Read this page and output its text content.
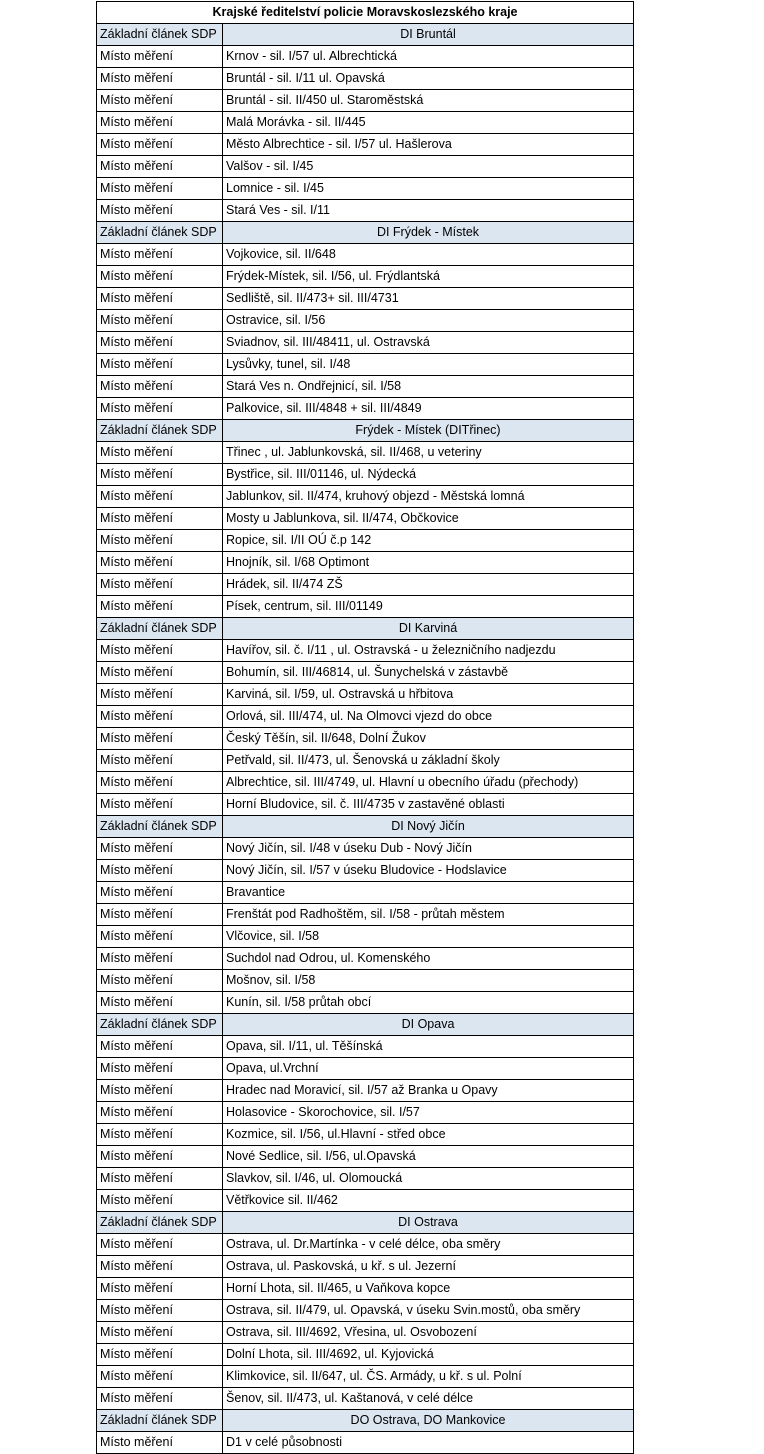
Krajské ředitelství policie Moravskoslezského kraje	
Základní článek SDP	DI Bruntál
Místo měření	Krnov - sil. I/57 ul. Albrechtická
Místo měření	Bruntál - sil. I/11 ul. Opavská
Místo měření	Bruntál - sil. II/450 ul. Staroměstská
Místo měření	Malá Morávka - sil. II/445
Místo měření	Město Albrechtice - sil. I/57 ul. Hašlerova
Místo měření	Valšov - sil. I/45
Místo měření	Lomnice - sil. I/45
Místo měření	Stará Ves - sil. I/11
Základní článek SDP	DI Frýdek - Místek
Místo měření	Vojkovice, sil. II/648
Místo měření	Frýdek-Místek, sil. I/56, ul. Frýdlantská
Místo měření	Sedliště, sil. II/473+ sil. III/4731
Místo měření	Ostravice, sil. I/56
Místo měření	Sviadnov, sil. III/48411, ul. Ostravská
Místo měření	Lysůvky, tunel, sil. I/48
Místo měření	Stará Ves n. Ondřejnicí, sil. I/58
Místo měření	Palkovice, sil. III/4848 + sil. III/4849
Základní článek SDP	Frýdek - Místek (DITřinec)
Místo měření	Třinec , ul. Jablunkovská, sil. II/468, u veteriny
Místo měření	Bystřice, sil. III/01146, ul. Nýdecká
Místo měření	Jablunkov, sil. II/474, kruhový objezd - Městská lomná
Místo měření	Mosty u Jablunkova, sil. II/474, Občkovice
Místo měření	Ropice, sil. I/II OÚ č.p 142
Místo měření	Hnojník, sil. I/68 Optimont
Místo měření	Hrádek, sil. II/474 ZŠ
Místo měření	Písek, centrum, sil. III/01149
Základní článek SDP	DI Karviná
Místo měření	Havířov, sil. č. I/11 , ul. Ostravská - u železničního nadjezdu
Místo měření	Bohumín, sil. III/46814, ul. Šunychelská v zástavbě
Místo měření	Karviná, sil. I/59, ul. Ostravská u hřbitova
Místo měření	Orlová, sil. III/474, ul. Na Olmovci vjezd do obce
Místo měření	Český Těšín, sil. II/648, Dolní Žukov
Místo měření	Petřvald, sil. II/473, ul. Šenovská u základní školy
Místo měření	Albrechtice, sil. III/4749, ul. Hlavní u obecního úřadu (přechody)
Místo měření	Horní Bludovice, sil. č. III/4735 v zastavěné oblasti
Základní článek SDP	DI Nový Jičín
Místo měření	Nový Jičín, sil. I/48 v úseku Dub - Nový Jičín
Místo měření	Nový Jičín, sil. I/57 v úseku Bludovice - Hodslavice
Místo měření	Bravantice
Místo měření	Frenštát pod Radhoštěm, sil. I/58 - průtah městem
Místo měření	Vlčovice, sil. I/58
Místo měření	Suchdol nad Odrou, ul. Komenského
Místo měření	Mošnov, sil. I/58
Místo měření	Kunín, sil. I/58 průtah obcí
Základní článek SDP	DI Opava
Místo měření	Opava, sil. I/11, ul. Těšínská
Místo měření	Opava, ul.Vrchní
Místo měření	Hradec nad Moravicí, sil. I/57 až Branka u Opavy
Místo měření	Holasovice - Skorochovice, sil. I/57
Místo měření	Kozmice, sil. I/56, ul.Hlavní - střed obce
Místo měření	Nové Sedlice, sil. I/56, ul.Opavská
Místo měření	Slavkov, sil. I/46, ul. Olomoucká
Místo měření	Větřkovice sil. II/462
Základní článek SDP	DI Ostrava
Místo měření	Ostrava, ul. Dr.Martínka - v celé délce, oba směry
Místo měření	Ostrava, ul. Paskovská, u kř. s ul. Jezerní
Místo měření	Horní Lhota, sil. II/465, u Vaňkova kopce
Místo měření	Ostrava, sil. II/479, ul. Opavská, v úseku Svin.mostů, oba směry
Místo měření	Ostrava, sil. III/4692, Vřesina, ul. Osvobození
Místo měření	Dolní Lhota, sil. III/4692, ul. Kyjovická
Místo měření	Klimkovice, sil. II/647, ul. ČS. Armády, u kř. s ul. Polní
Místo měření	Šenov, sil. II/473, ul. Kaštanová, v celé délce
Základní článek SDP	DO Ostrava, DO Mankovice
Místo měření	D1 v celé působnosti
